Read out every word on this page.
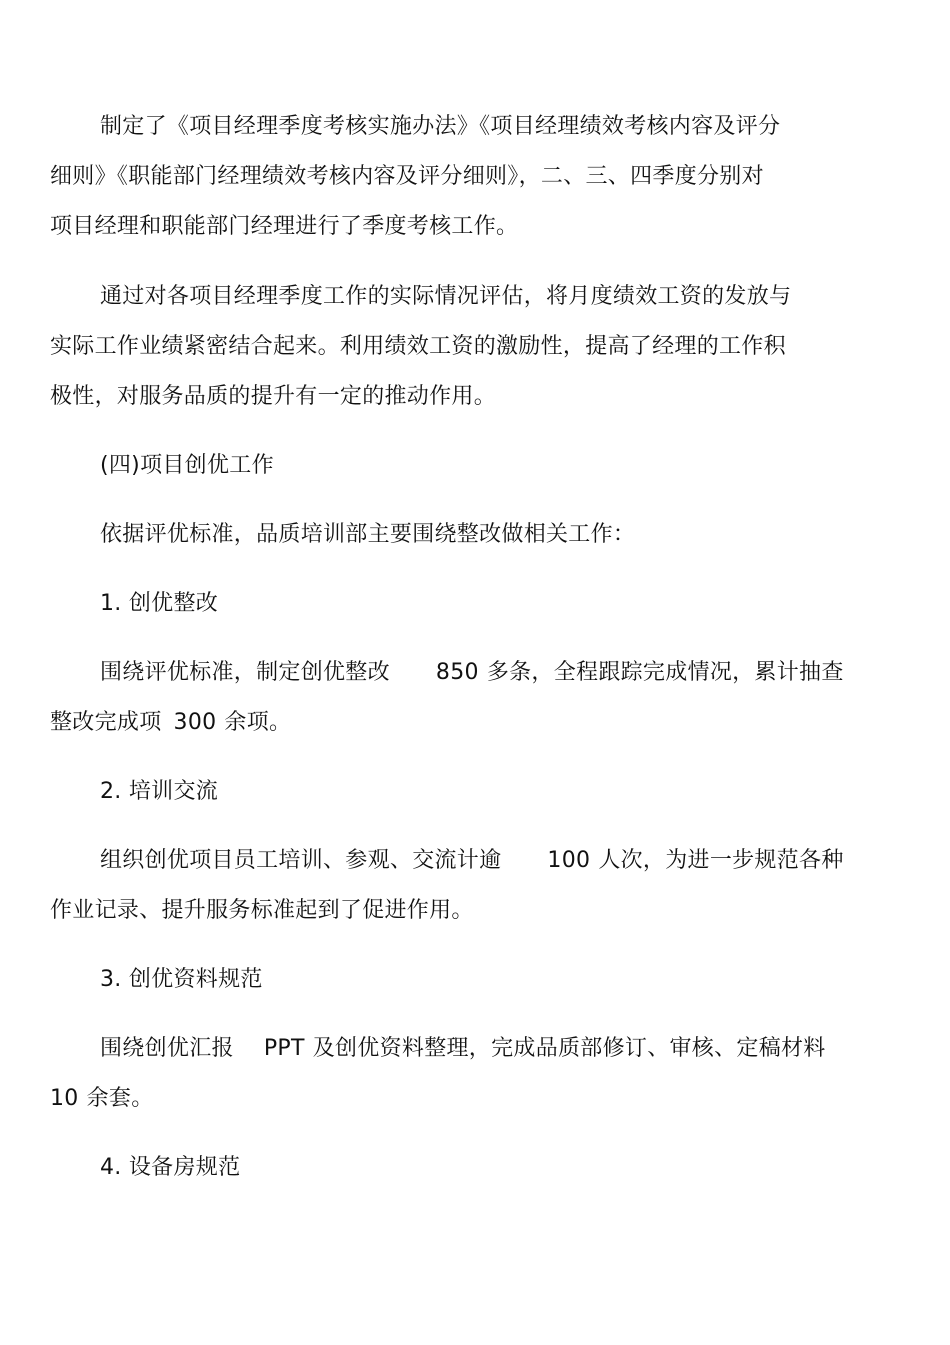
制定了《项目经理季度考核实施办法》《项目经理绩效考核内容及评分
细则》《职能部门经理绩效考核内容及评分细则》，二、三、四季度分别对
项目经理和职能部门经理进行了季度考核工作。
通过对各项目经理季度工作的实际情况评估，将月度绩效工资的发放与
实际工作业绩紧密结合起来。利用绩效工资的激励性，提高了经理的工作积
极性，对服务品质的提升有一定的推动作用。
(四)项目创优工作
依据评优标准，品质培训部主要围绕整改做相关工作：
1. 创优整改
围绕评优标准，制定创优整改 850 多条，全程跟踪完成情况，累计抽查
整改完成项 300 余项。
2. 培训交流
组织创优项目员工培训、参观、交流计逾 100 人次，为进一步规范各种
作业记录、提升服务标准起到了促进作用。
3. 创优资料规范
围绕创优汇报 PPT 及创优资料整理，完成品质部修订、审核、定稿材料
10 余套。
4. 设备房规范
